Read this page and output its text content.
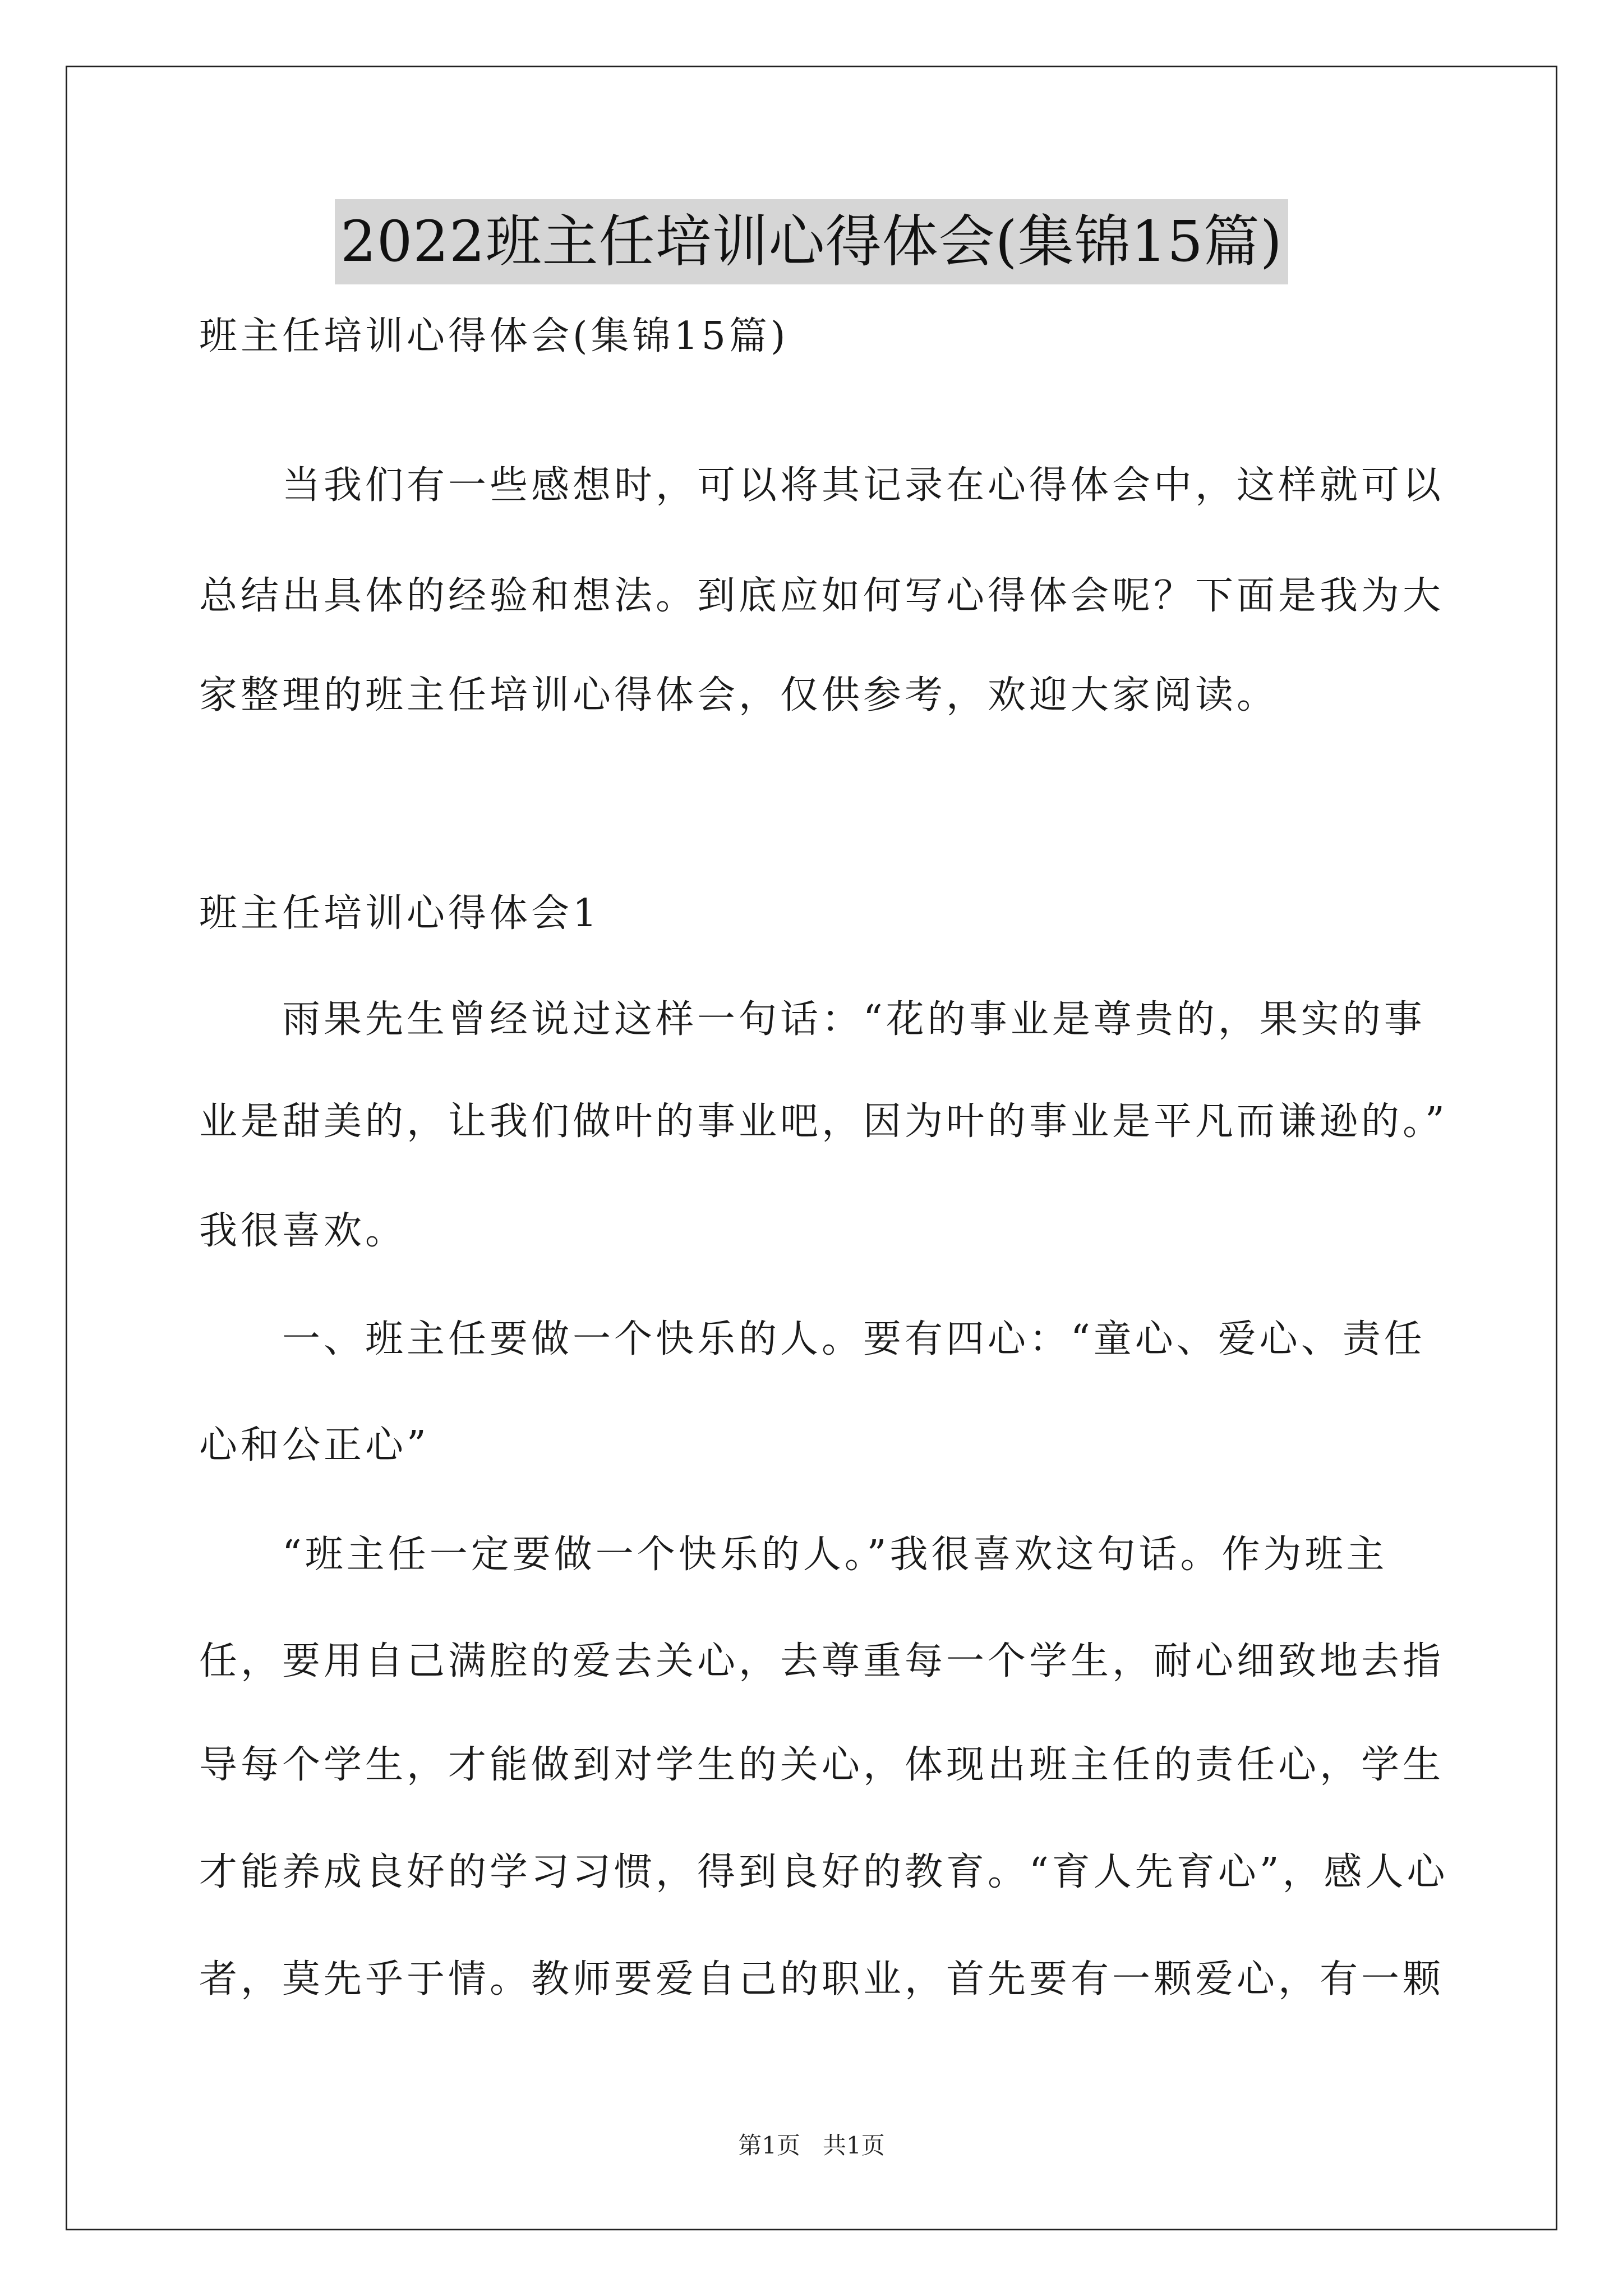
2022班主任培训心得体会(集锦15篇)
班主任培训心得体会(集锦15篇)
　　当我们有一些感想时，可以将其记录在心得体会中，这样就可以
总结出具体的经验和想法。到底应如何写心得体会呢？下面是我为大
家整理的班主任培训心得体会，仅供参考，欢迎大家阅读。
班主任培训心得体会1
　　雨果先生曾经说过这样一句话：“花的事业是尊贵的，果实的事
业是甜美的，让我们做叶的事业吧，因为叶的事业是平凡而谦逊的。”
我很喜欢。
　　一、班主任要做一个快乐的人。要有四心：“童心、爱心、责任
心和公正心”
　　“班主任一定要做一个快乐的人。”我很喜欢这句话。作为班主
任，要用自己满腔的爱去关心，去尊重每一个学生，耐心细致地去指
导每个学生，才能做到对学生的关心，体现出班主任的责任心，学生
才能养成良好的学习习惯，得到良好的教育。“育人先育心”，感人心
者，莫先乎于情。教师要爱自己的职业，首先要有一颗爱心，有一颗
第1页 共1页
